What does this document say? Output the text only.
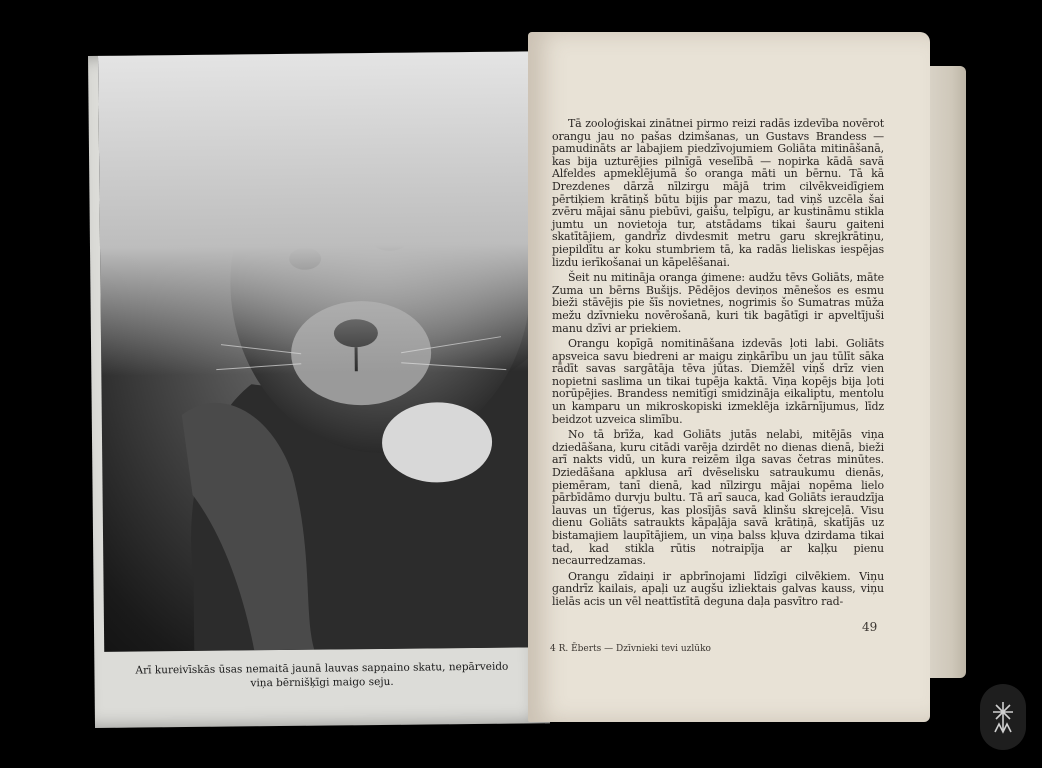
Arī kureivīskās ūsas nemaitā jaunā lauvas sapņaino skatu, nepārveido viņa bērnišķīgi maigo seju.

Tā zooloģiskai zinātnei pirmo reizi radās izdevība novērot orangu jau no pašas dzimšanas, un Gustavs Brandess — pamudināts ar labajiem piedzīvojumiem Goliāta mitināšanā, kas bija uzturējies pilnīgā veselībā — nopirka kādā savā Alfeldes apmeklējumā šo oranga māti un bērnu. Tā kā Drezdenes dārzā nīlzirgu mājā trim cilvēkveidīgiem pērtiķiem krātiņš būtu bijis par mazu, tad viņš uzcēla šai zvēru mājai sānu piebūvi, gaišu, telpīgu, ar kustināmu stikla jumtu un novietoja tur, atstādams tikai šauru gaiteni skatītājiem, gandrīz divdesmit metru garu skrejkrātiņu, piepildītu ar koku stumbriem tā, ka radās lieliskas iespējas lizdu ierīkošanai un kāpelēšanai.

Šeit nu mitināja oranga ģimene: audžu tēvs Goliāts, māte Zuma un bērns Bušijs. Pēdējos deviņos mēnešos es esmu bieži stāvējis pie šīs novietnes, nogrimis šo Sumatras mūža mežu dzīvnieku novērošanā, kuri tik bagātīgi ir apveltījuši manu dzīvi ar priekiem.

Orangu kopīgā nomitināšana izdevās ļoti labi. Goliāts apsveica savu biedreni ar maigu ziņkārību un jau tūlīt sāka rādīt savas sargātāja tēva jūtas. Diemžēl viņš drīz vien nopietni saslima un tikai tupēja kaktā. Viņa kopējs bija ļoti norūpējies. Brandess nemitīgi smidzināja eikaliptu, mentolu un kamparu un mikroskopiski izmeklēja izkārnījumus, līdz beidzot uzveica slimību.

No tā brīža, kad Goliāts jutās nelabi, mitējās viņa dziedāšana, kuru citādi varēja dzirdēt no dienas dienā, bieži arī nakts vidū, un kura reizēm ilga savas četras minūtes. Dziedāšana apklusa arī dvēselisku satraukumu dienās, piemēram, tanī dienā, kad nīlzirgu mājai nopēma lielo pārbīdāmo durvju bultu. Tā arī sauca, kad Goliāts ieraudzīja lauvas un tīģerus, kas plosījās savā klinšu skrejceļā. Visu dienu Goliāts satraukts kāpaļāja savā krātiņā, skatījās uz bistamajiem laupītājiem, un viņa balss kļuva dzirdama tikai tad, kad stikla rūtis notraipīja ar kaļķu pienu necaurredzamas.

Orangu zīdaiņi ir apbrīnojami līdzīgi cilvēkiem. Viņu gandrīz kailais, apaļi uz augšu izliektais galvas kauss, viņu lielās acis un vēl neattīstītā deguna daļa pasvītro rad-

49
4 R. Ēberts — Dzīvnieki tevi uzlūko
